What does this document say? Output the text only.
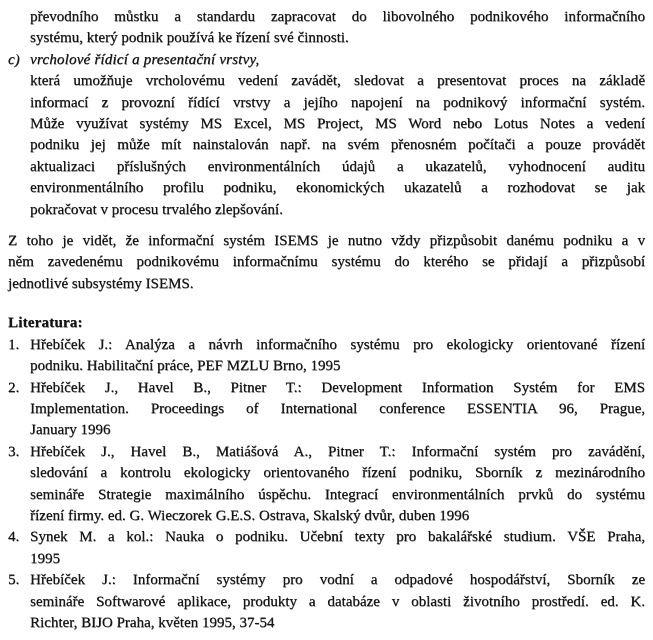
převodního můstku a standardu zapracovat do libovolného podnikového informačního
systému, který podnik používá ke řízení své činnosti.
c) vrcholové řídicí a presentační vrstvy,
která umožňuje vrcholovému vedení zavádět, sledovat a presentovat proces na základě
informací z provozní řídící vrstvy a jejího napojení na podnikový informační systém.
Může využívat systémy MS Excel, MS Project, MS Word nebo Lotus Notes a vedení
podniku jej může mít nainstalován např. na svém přenosném počítači a pouze provádět
aktualizaci příslušných environmentálních údajů a ukazatelů, vyhodnocení auditu
environmentálního profilu podniku, ekonomických ukazatelů a rozhodovat se jak
pokračovat v procesu trvalého zlepšování.
Z toho je vidět, že informační systém ISEMS je nutno vždy přizpůsobit danému podniku a v
něm zavedenému podnikovému informačnímu systému do kterého se přidají a přizpůsobí
jednotlivé subsystémy ISEMS.
Literatura:
1. Hřebíček J.: Analýza a návrh informačního systému pro ekologicky orientované řízení
podniku. Habilitační práce, PEF MZLU Brno, 1995
2. Hřebíček J., Havel B., Pitner T.: Development Information Systém for EMS
Implementation. Proceedings of International conference ESSENTIA 96, Prague,
January 1996
3. Hřebíček J., Havel B., Matiášová A., Pitner T.: Informační systém pro zavádění,
sledování a kontrolu ekologicky orientovaného řízení podniku, Sborník z mezinárodního
semináře Strategie maximálního úspěchu. Integrací environmentálních prvků do systému
řízení firmy. ed. G. Wieczorek G.E.S. Ostrava, Skalský dvůr, duben 1996
4. Synek M. a kol.: Nauka o podniku. Učební texty pro bakalářské studium. VŠE Praha,
1995
5. Hřebíček J.: Informační systémy pro vodní a odpadové hospodářství, Sborník ze
semináře Softwarové aplikace, produkty a databáze v oblasti životního prostředí. ed. K.
Richter, BIJO Praha, květen 1995, 37-54
